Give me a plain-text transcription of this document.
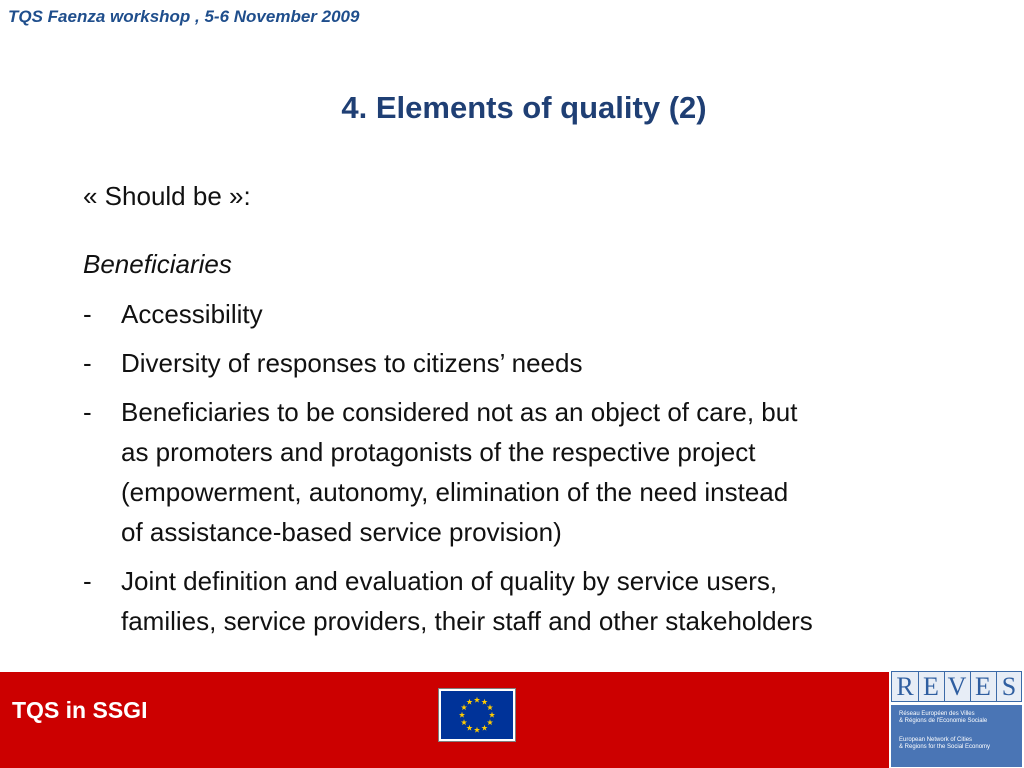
TQS Faenza workshop , 5-6 November 2009
4. Elements of quality (2)
« Should be »:
Beneficiaries
- Accessibility
- Diversity of responses to citizens’ needs
- Beneficiaries to be considered not as an object of care, but
as promoters and protagonists of the respective project
(empowerment, autonomy, elimination of the need instead
of assistance-based service provision)
- Joint definition and evaluation of quality by service users,
families, service providers, their staff and other stakeholders
TQS in SSGI
R E V E S
Réseau Européen des Villes
& Régions de l'Economie Sociale
European Network of Cities
& Regions for the Social Economy
